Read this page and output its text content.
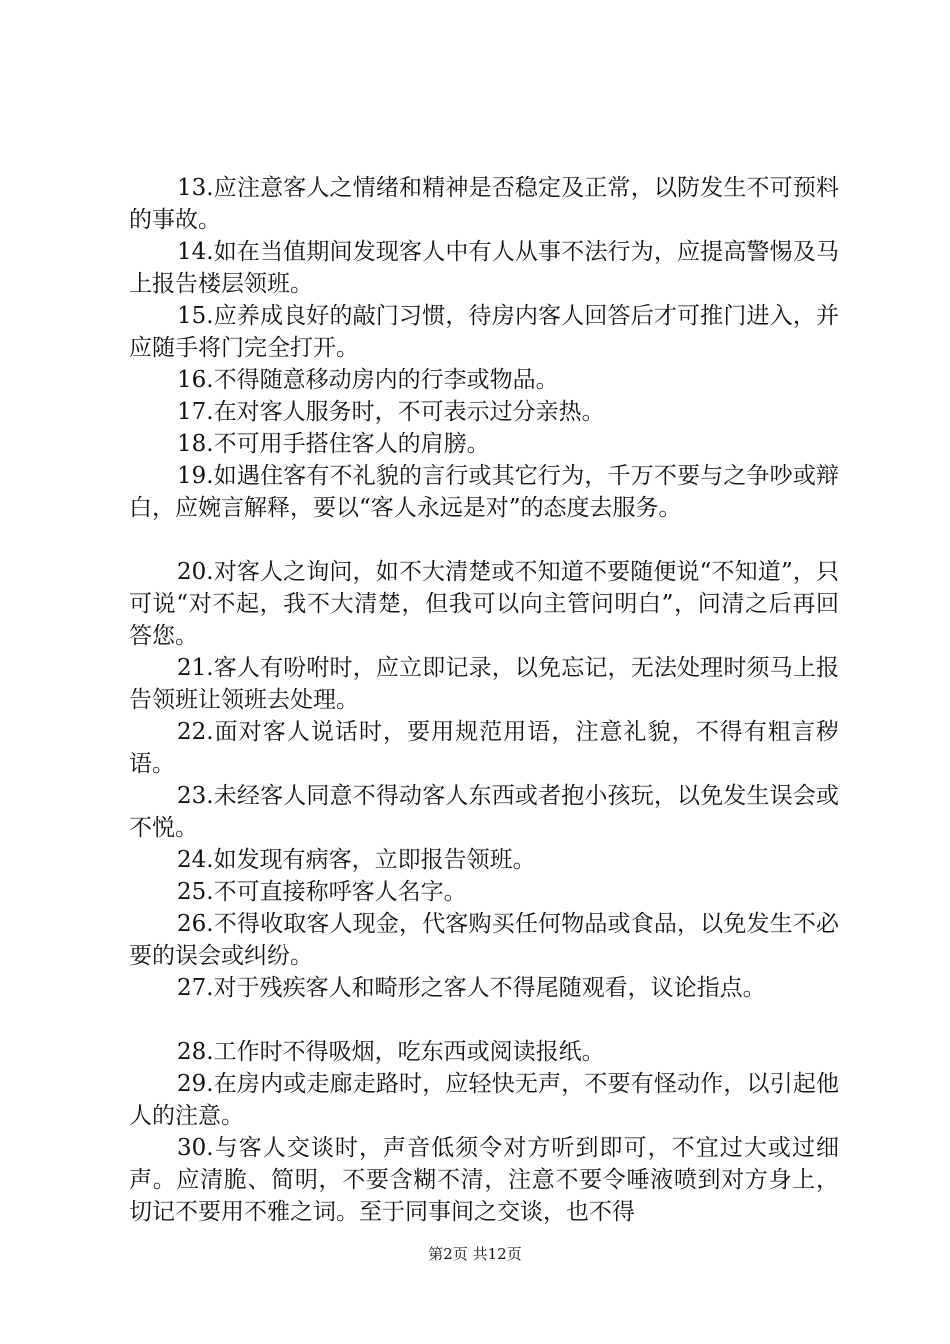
13.应注意客人之情绪和精神是否稳定及正常，以防发生不可预料的事故。

14.如在当值期间发现客人中有人从事不法行为，应提高警惕及马上报告楼层领班。

15.应养成良好的敲门习惯，待房内客人回答后才可推门进入，并应随手将门完全打开。

16.不得随意移动房内的行李或物品。

17.在对客人服务时，不可表示过分亲热。

18.不可用手搭住客人的肩膀。

19.如遇住客有不礼貌的言行或其它行为，千万不要与之争吵或辩白，应婉言解释，要以“客人永远是对”的态度去服务。

20.对客人之询问，如不大清楚或不知道不要随便说“不知道”，只可说“对不起，我不大清楚，但我可以向主管问明白”，问清之后再回答您。

21.客人有吩咐时，应立即记录，以免忘记，无法处理时须马上报告领班让领班去处理。

22.面对客人说话时，要用规范用语，注意礼貌，不得有粗言秽语。

23.未经客人同意不得动客人东西或者抱小孩玩，以免发生误会或不悦。

24.如发现有病客，立即报告领班。

25.不可直接称呼客人名字。

26.不得收取客人现金，代客购买任何物品或食品，以免发生不必要的误会或纠纷。

27.对于残疾客人和畸形之客人不得尾随观看，议论指点。

28.工作时不得吸烟，吃东西或阅读报纸。

29.在房内或走廊走路时，应轻快无声，不要有怪动作，以引起他人的注意。

30.与客人交谈时，声音低须令对方听到即可，不宜过大或过细声。应清脆、简明，不要含糊不清，注意不要令唾液喷到对方身上，切记不要用不雅之词。至于同事间之交谈，也不得

第2页 共12页
